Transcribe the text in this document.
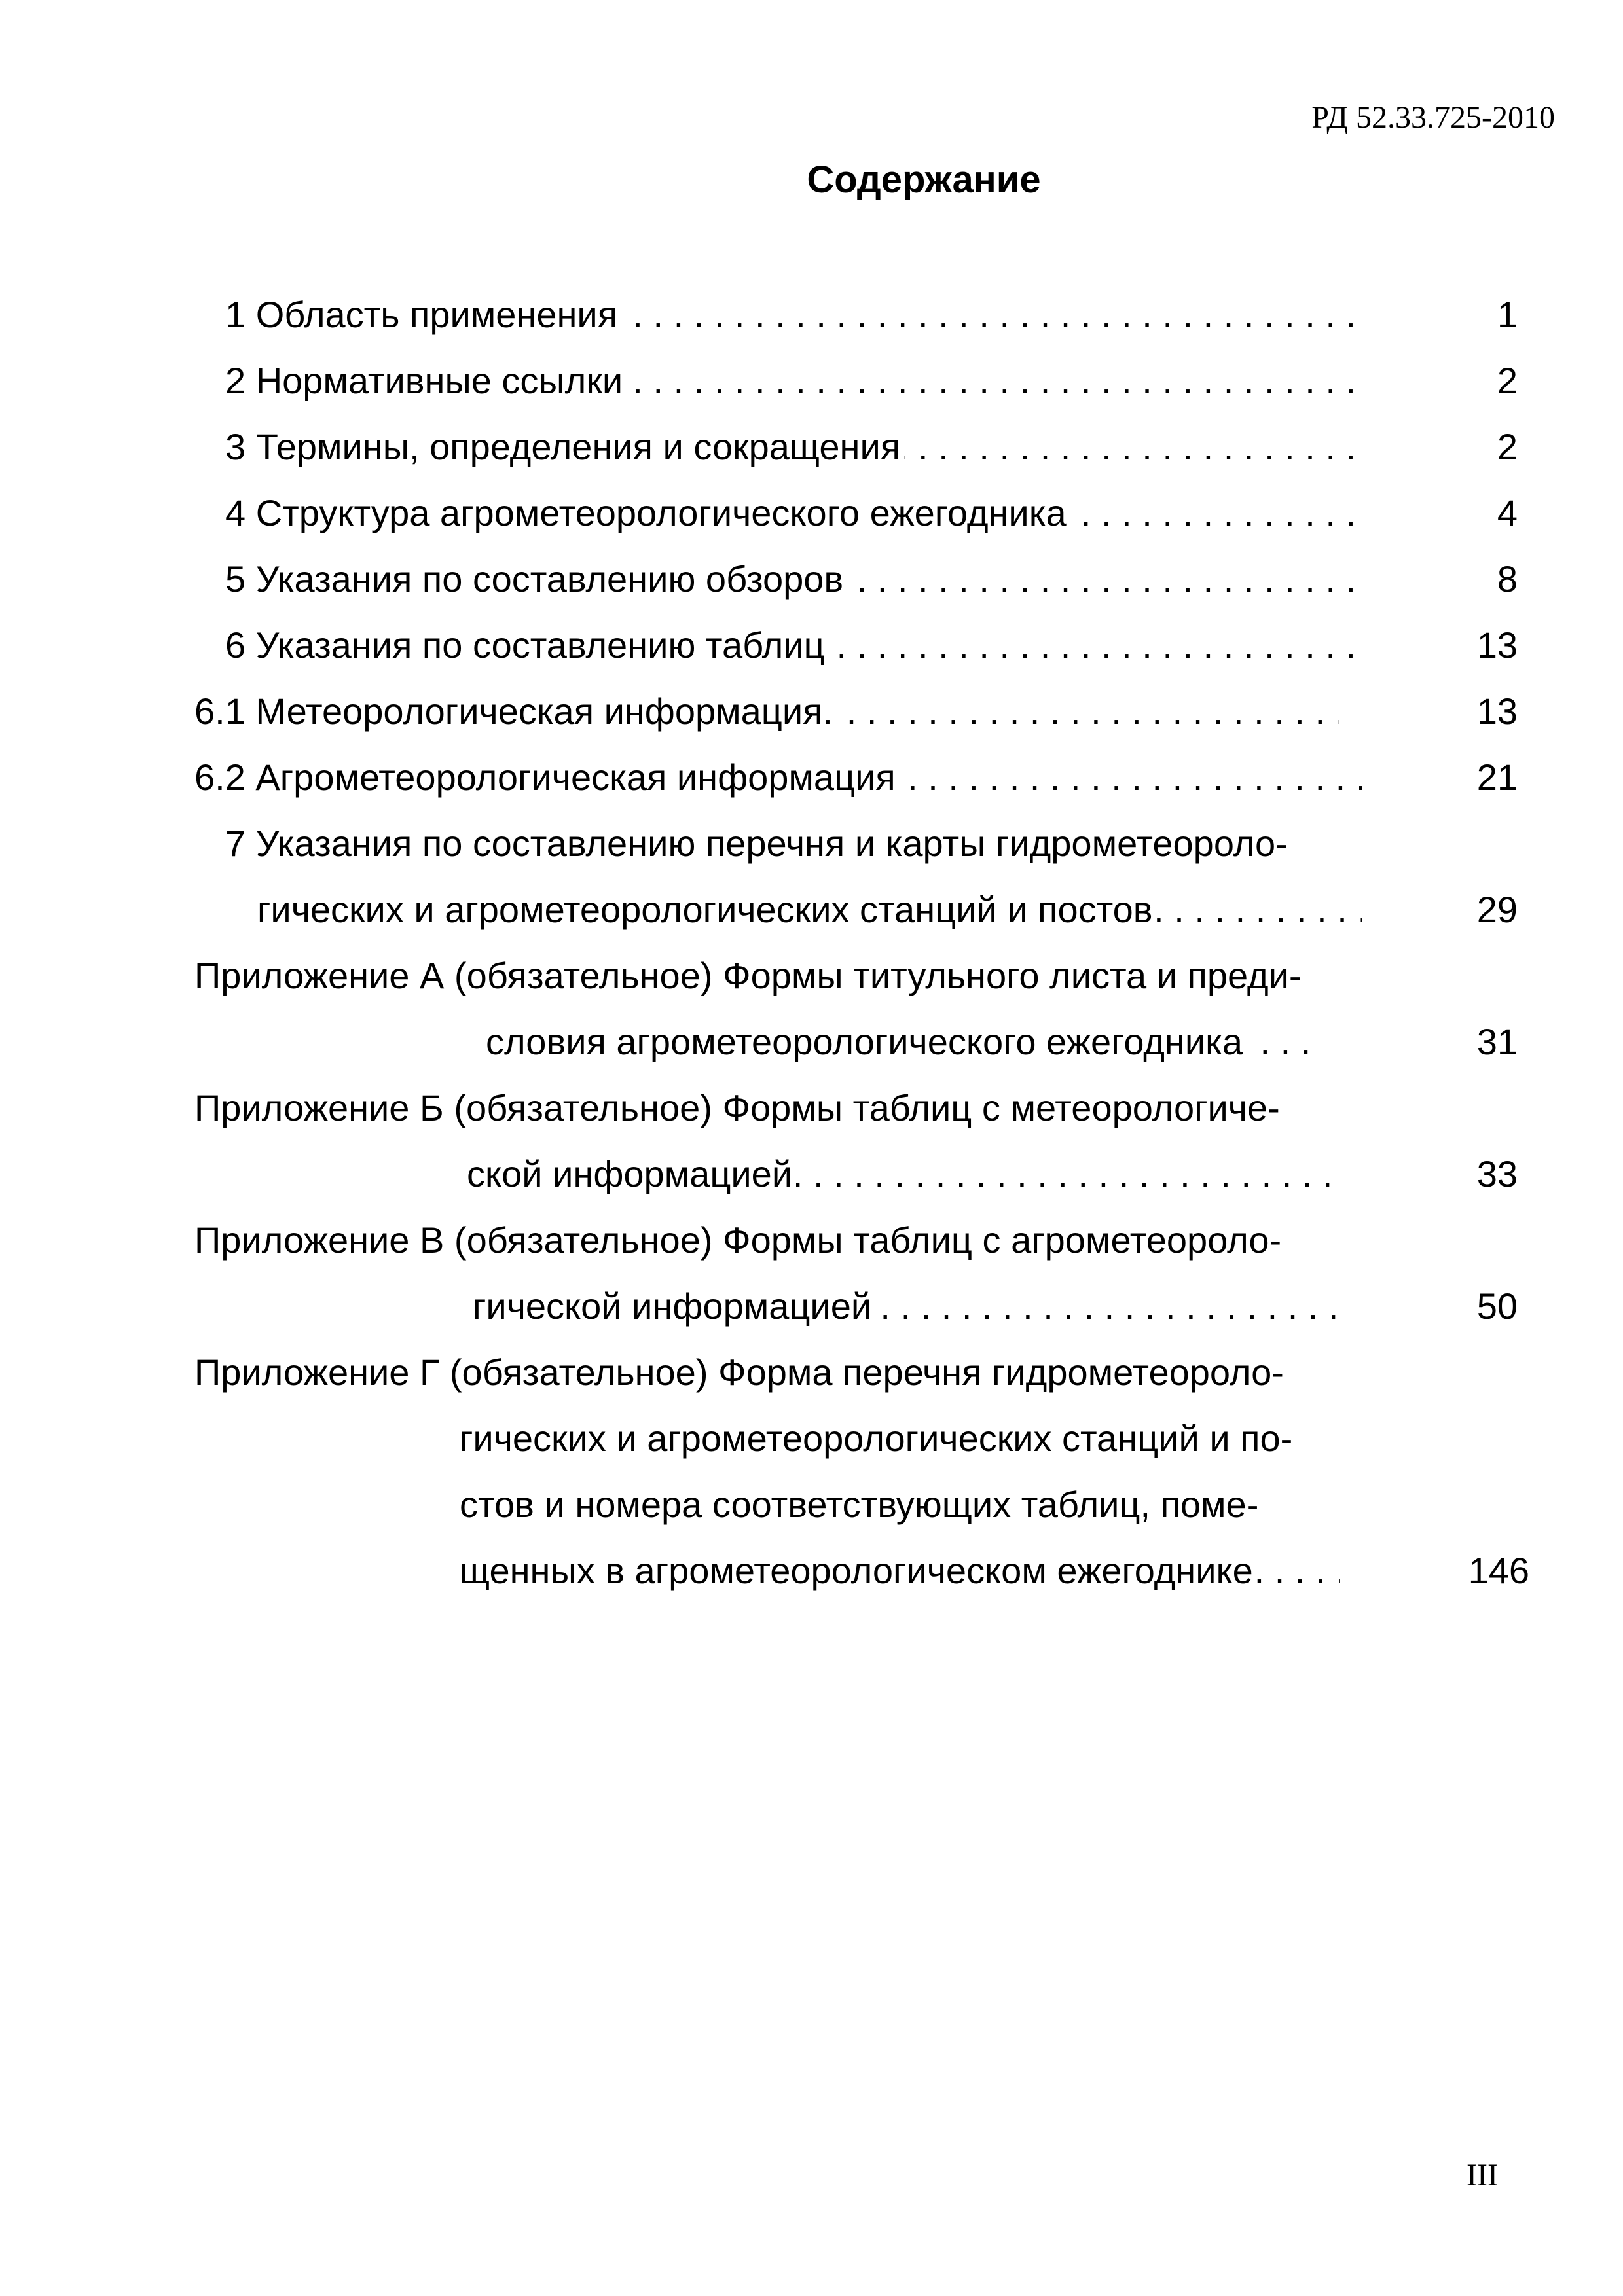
РД 52.33.725-2010
Содержание
1 Область применения . . .	1
2 Нормативные ссылки . . .	2
3 Термины, определения и сокращения . . .	2
4 Структура агрометеорологического ежегодника . . .	4
5 Указания по составлению обзоров . . .	8
6 Указания по составлению таблиц . . .	13
6.1 Метеорологическая информация. . . .	13
6.2 Агрометеорологическая информация . . .	21
7 Указания по составлению перечня и карты гидрометеороло-
гических и агрометеорологических станций и постов . . .	29
Приложение А (обязательное) Формы титульного листа и преди-
словия агрометеорологического ежегодника . . .	31
Приложение Б (обязательное) Формы таблиц с метеорологиче-
ской информацией . . .	33
Приложение В (обязательное) Формы таблиц с агрометеороло-
гической информацией . . .	50
Приложение Г (обязательное) Форма перечня гидрометеороло-
гических и агрометеорологических станций и по-
стов и номера соответствующих таблиц, поме-
щенных в агрометеорологическом ежегоднике . . .	146
III
